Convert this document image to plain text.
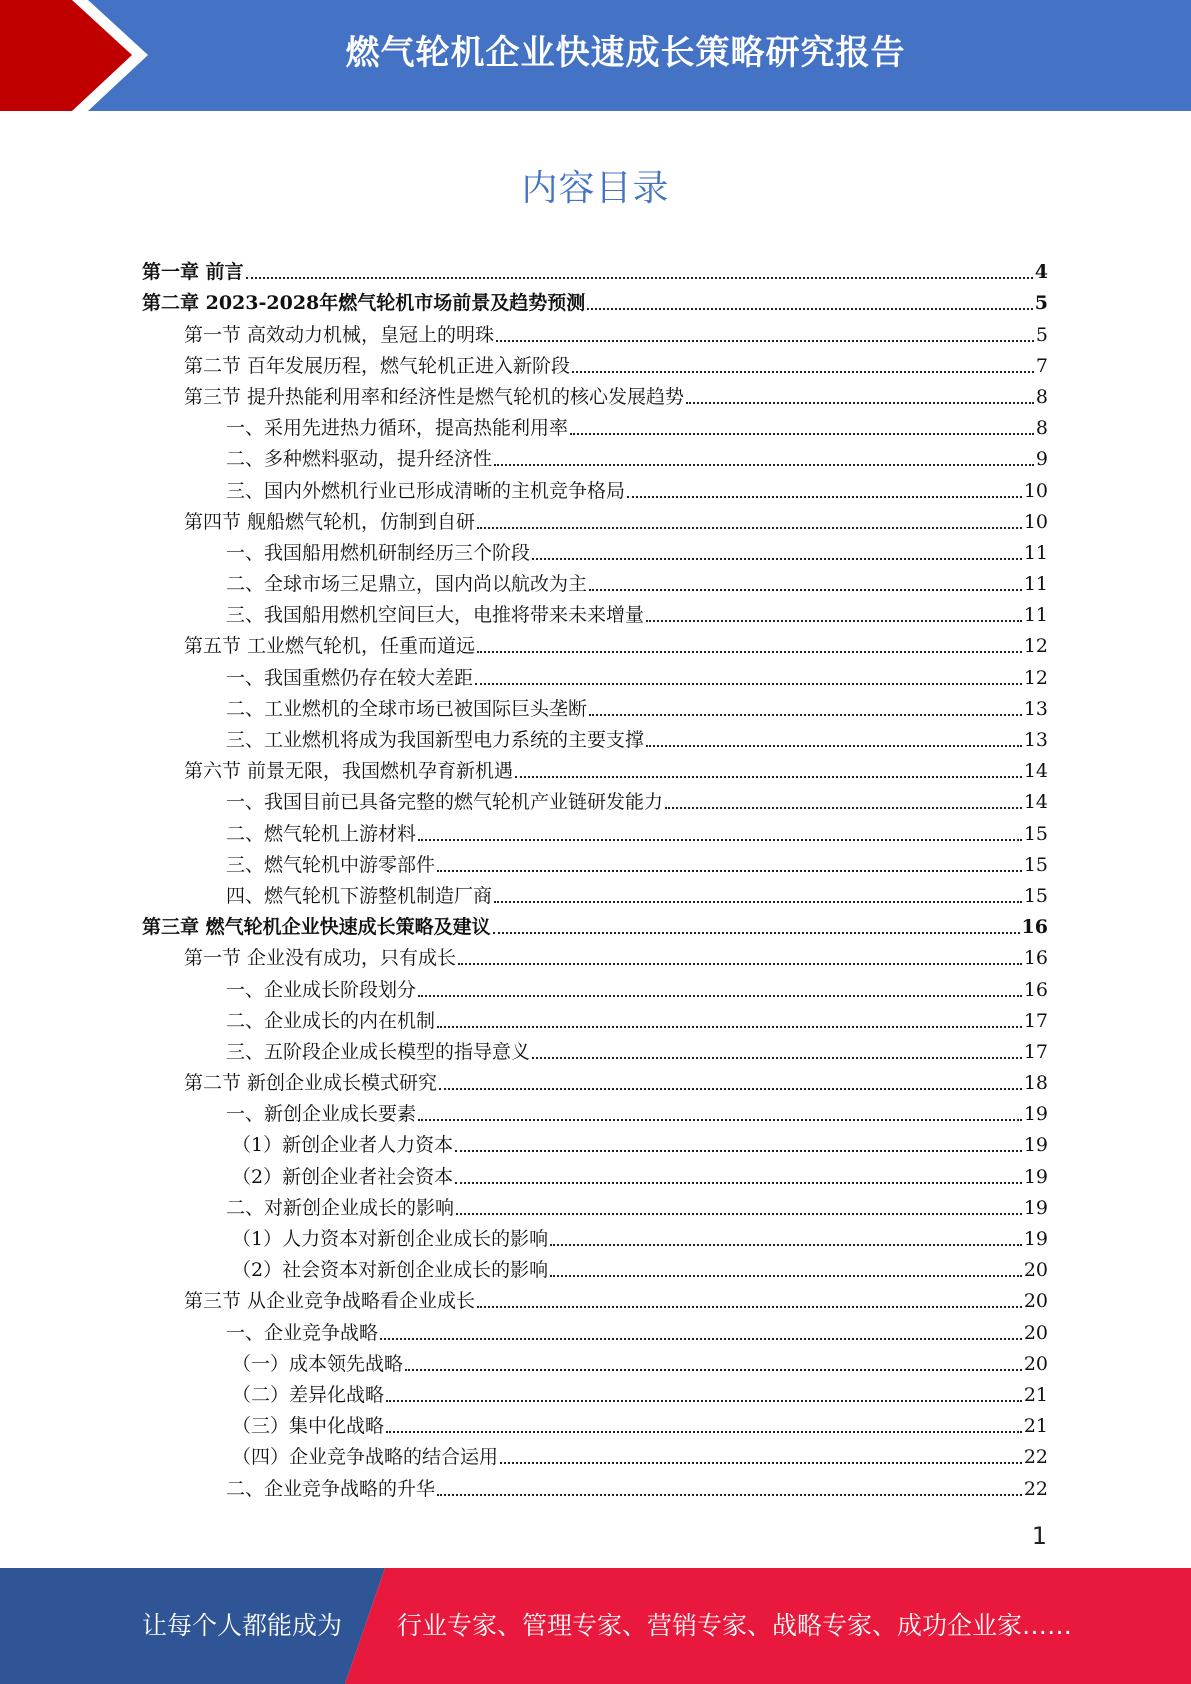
燃气轮机企业快速成长策略研究报告
内容目录
第一章 前言	4
第二章 2023-2028年燃气轮机市场前景及趋势预测	5
第一节 高效动力机械，皇冠上的明珠	5
第二节 百年发展历程，燃气轮机正进入新阶段	7
第三节 提升热能利用率和经济性是燃气轮机的核心发展趋势	8
一、采用先进热力循环，提高热能利用率	8
二、多种燃料驱动，提升经济性	9
三、国内外燃机行业已形成清晰的主机竞争格局	10
第四节 舰船燃气轮机，仿制到自研	10
一、我国船用燃机研制经历三个阶段	11
二、全球市场三足鼎立，国内尚以航改为主	11
三、我国船用燃机空间巨大，电推将带来未来增量	11
第五节 工业燃气轮机，任重而道远	12
一、我国重燃仍存在较大差距	12
二、工业燃机的全球市场已被国际巨头垄断	13
三、工业燃机将成为我国新型电力系统的主要支撑	13
第六节 前景无限，我国燃机孕育新机遇	14
一、我国目前已具备完整的燃气轮机产业链研发能力	14
二、燃气轮机上游材料	15
三、燃气轮机中游零部件	15
四、燃气轮机下游整机制造厂商	15
第三章 燃气轮机企业快速成长策略及建议	16
第一节 企业没有成功，只有成长	16
一、企业成长阶段划分	16
二、企业成长的内在机制	17
三、五阶段企业成长模型的指导意义	17
第二节 新创企业成长模式研究	18
一、新创企业成长要素	19
（1）新创企业者人力资本	19
（2）新创企业者社会资本	19
二、对新创企业成长的影响	19
（1）人力资本对新创企业成长的影响	19
（2）社会资本对新创企业成长的影响	20
第三节 从企业竞争战略看企业成长	20
一、企业竞争战略	20
（一）成本领先战略	20
（二）差异化战略	21
（三）集中化战略	21
（四）企业竞争战略的结合运用	22
二、企业竞争战略的升华	22
1
让每个人都能成为 行业专家、管理专家、营销专家、战略专家、成功企业家……
